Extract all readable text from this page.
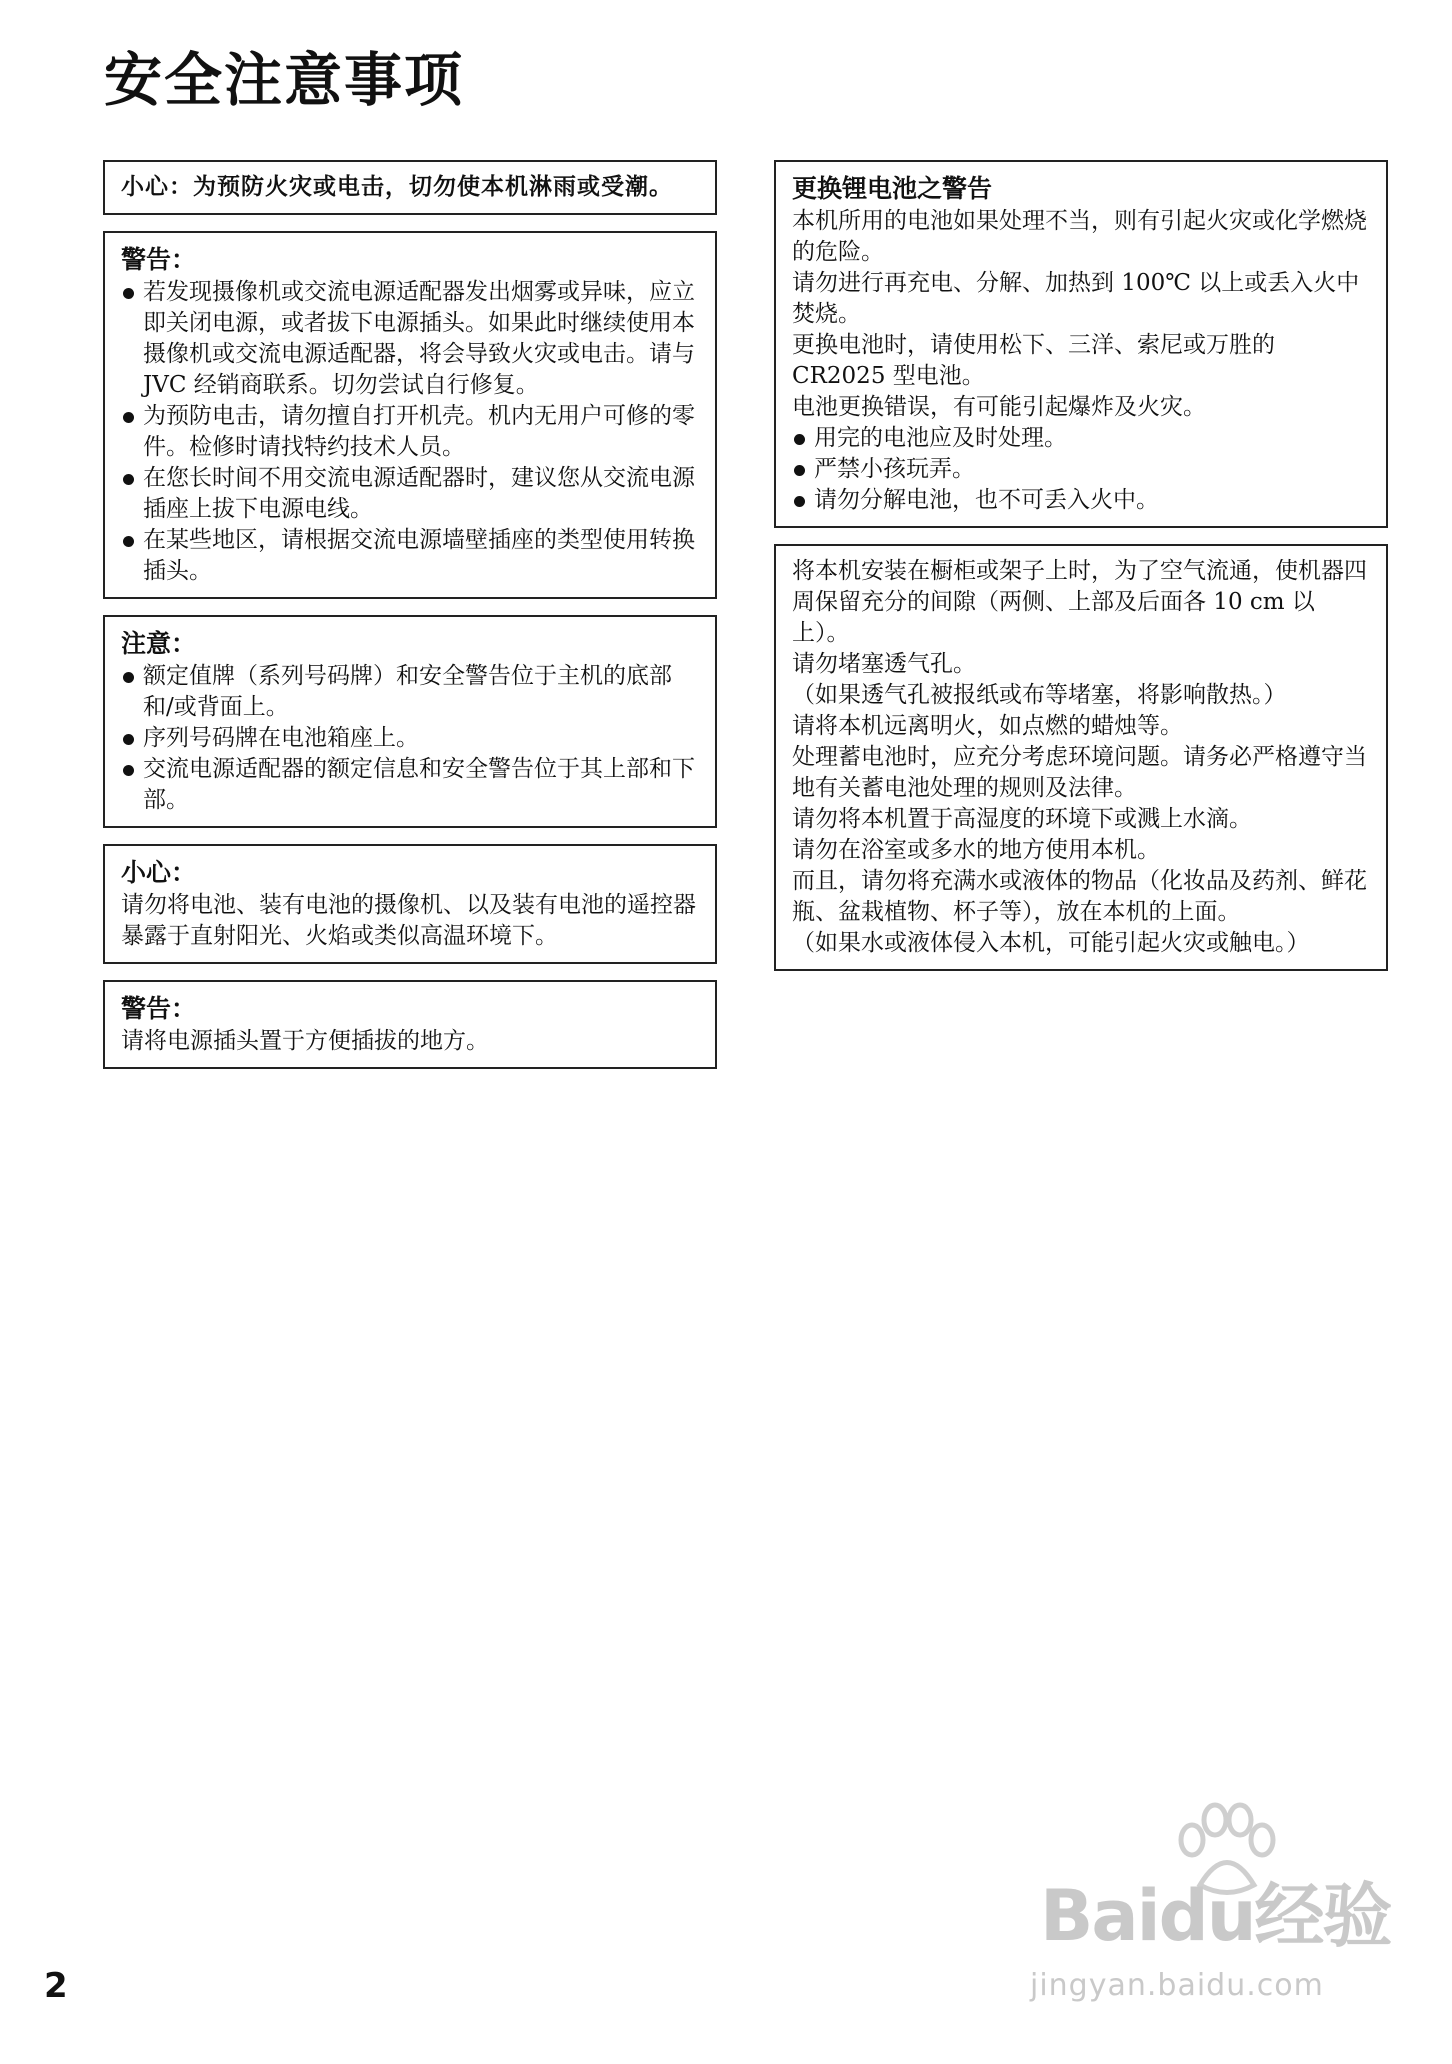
安全注意事项

小心：为预防火灾或电击，切勿使本机淋雨或受潮。

警告：
若发现摄像机或交流电源适配器发出烟雾或异味，应立即关闭电源，或者拔下电源插头。如果此时继续使用本摄像机或交流电源适配器，将会导致火灾或电击。请与 JVC 经销商联系。切勿尝试自行修复。
为预防电击，请勿擅自打开机壳。机内无用户可修的零件。检修时请找特约技术人员。
在您长时间不用交流电源适配器时，建议您从交流电源插座上拔下电源电线。
在某些地区，请根据交流电源墙壁插座的类型使用转换插头。
注意：
额定值牌（系列号码牌）和安全警告位于主机的底部和/或背面上。
序列号码牌在电池箱座上。
交流电源适配器的额定信息和安全警告位于其上部和下部。
小心：

请勿将电池、装有电池的摄像机、以及装有电池的遥控器暴露于直射阳光、火焰或类似高温环境下。

警告：

请将电源插头置于方便插拔的地方。

更换锂电池之警告

本机所用的电池如果处理不当，则有引起火灾或化学燃烧的危险。

请勿进行再充电、分解、加热到 100℃ 以上或丢入火中焚烧。

更换电池时，请使用松下、三洋、索尼或万胜的 CR2025 型电池。

电池更换错误，有可能引起爆炸及火灾。

用完的电池应及时处理。
严禁小孩玩弄。
请勿分解电池，也不可丢入火中。

将本机安装在橱柜或架子上时，为了空气流通，使机器四周保留充分的间隙（两侧、上部及后面各 10 cm 以上）。

请勿堵塞透气孔。

（如果透气孔被报纸或布等堵塞，将影响散热。）

请将本机远离明火，如点燃的蜡烛等。

处理蓄电池时，应充分考虑环境问题。请务必严格遵守当地有关蓄电池处理的规则及法律。

请勿将本机置于高湿度的环境下或溅上水滴。

请勿在浴室或多水的地方使用本机。

而且，请勿将充满水或液体的物品（化妆品及药剂、鲜花瓶、盆栽植物、杯子等），放在本机的上面。

（如果水或液体侵入本机，可能引起火灾或触电。）

2
Baidu经验
jingyan.baidu.com
